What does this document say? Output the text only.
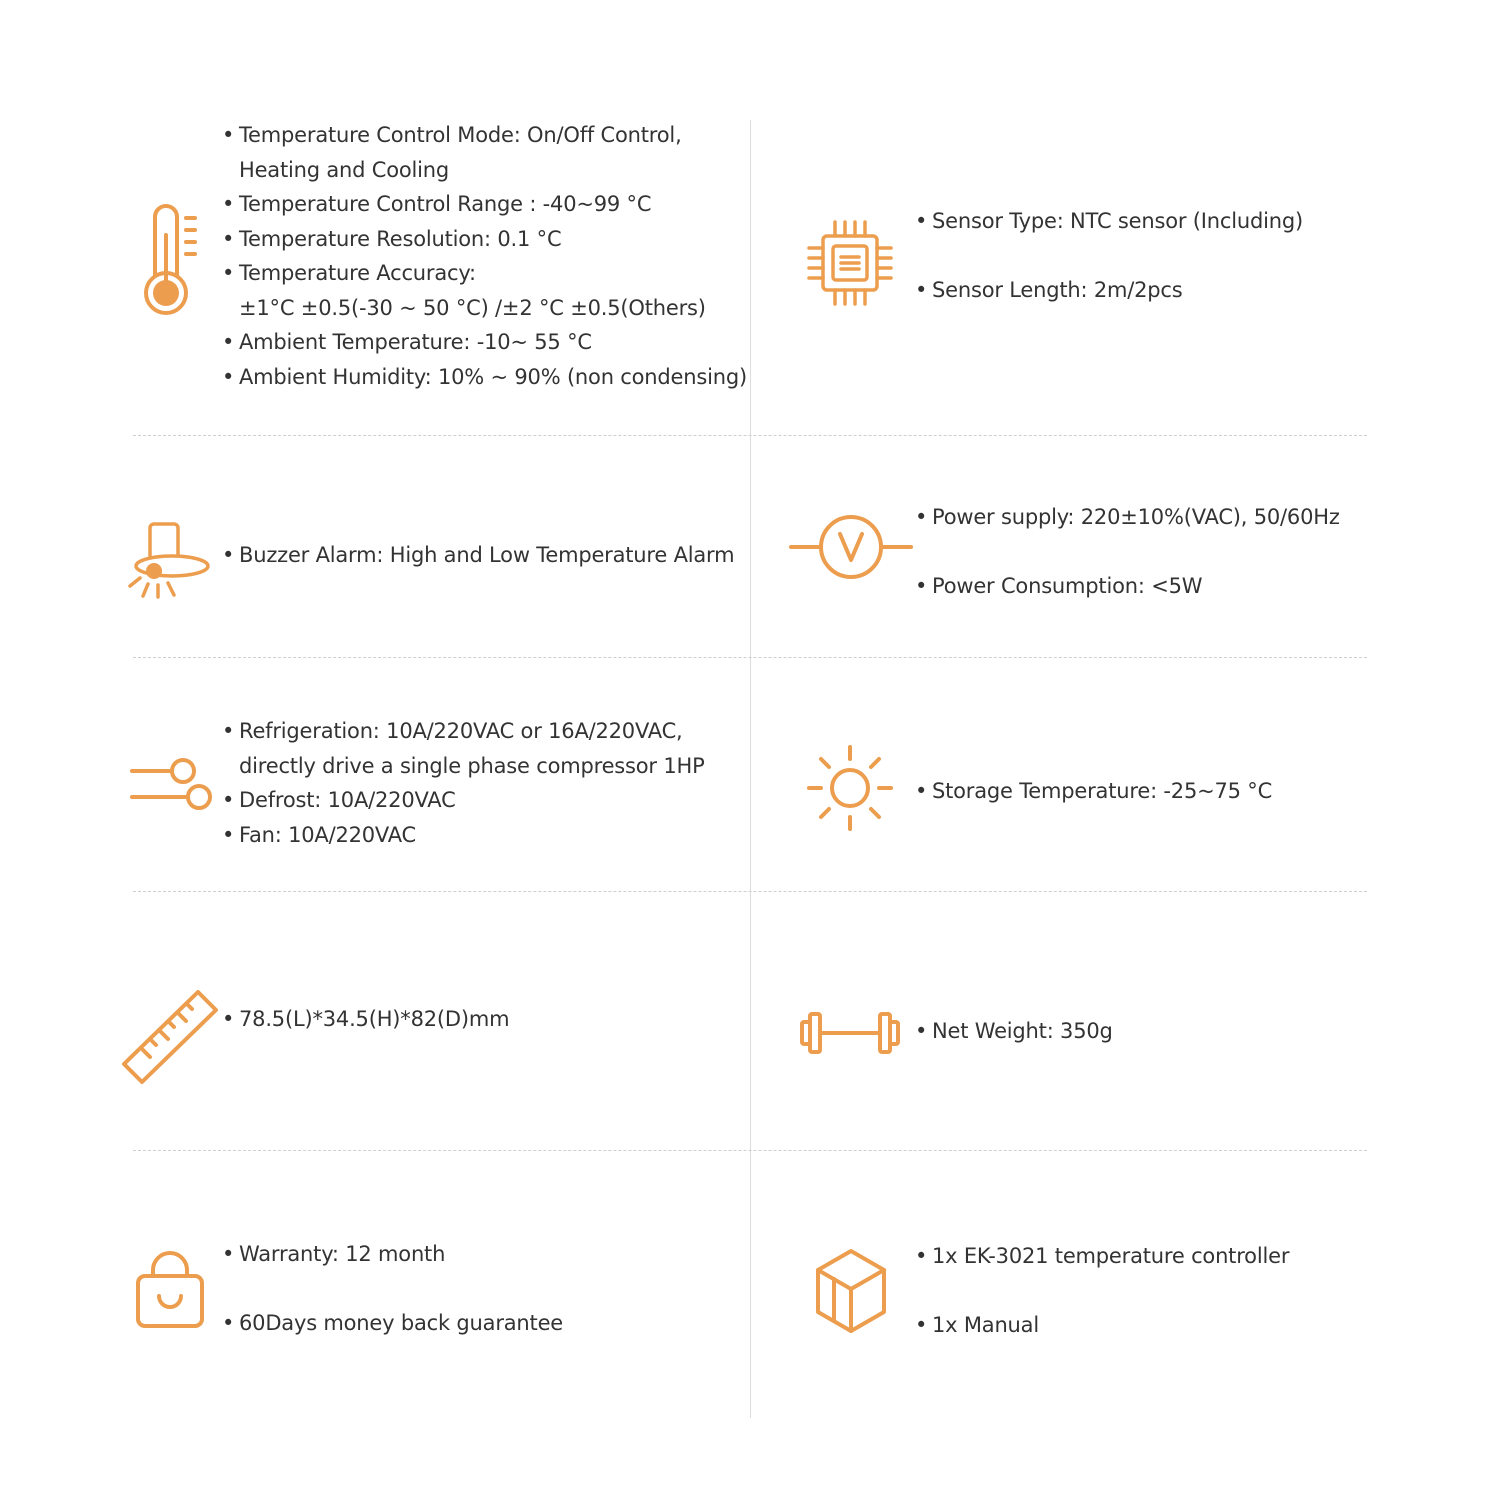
• Temperature Control Mode: On/Off Control,
Heating and Cooling
• Temperature Control Range : -40~99 °C
• Temperature Resolution: 0.1 °C
• Temperature Accuracy:
±1°C ±0.5(-30 ~ 50 °C) /±2 °C ±0.5(Others)
• Ambient Temperature: -10~ 55 °C
• Ambient Humidity: 10% ~ 90% (non condensing)
• Sensor Type: NTC sensor (Including)
• Sensor Length: 2m/2pcs
• Buzzer Alarm: High and Low Temperature Alarm
• Power supply: 220±10%(VAC), 50/60Hz
• Power Consumption: <5W
• Refrigeration: 10A/220VAC or 16A/220VAC,
directly drive a single phase compressor 1HP
• Defrost: 10A/220VAC
• Fan: 10A/220VAC
• Storage Temperature: -25~75 °C
• 78.5(L)*34.5(H)*82(D)mm	• Net Weight: 350g
• Warranty: 12 month
• 60Days money back guarantee
• 1x EK-3021 temperature controller
• 1x Manual
